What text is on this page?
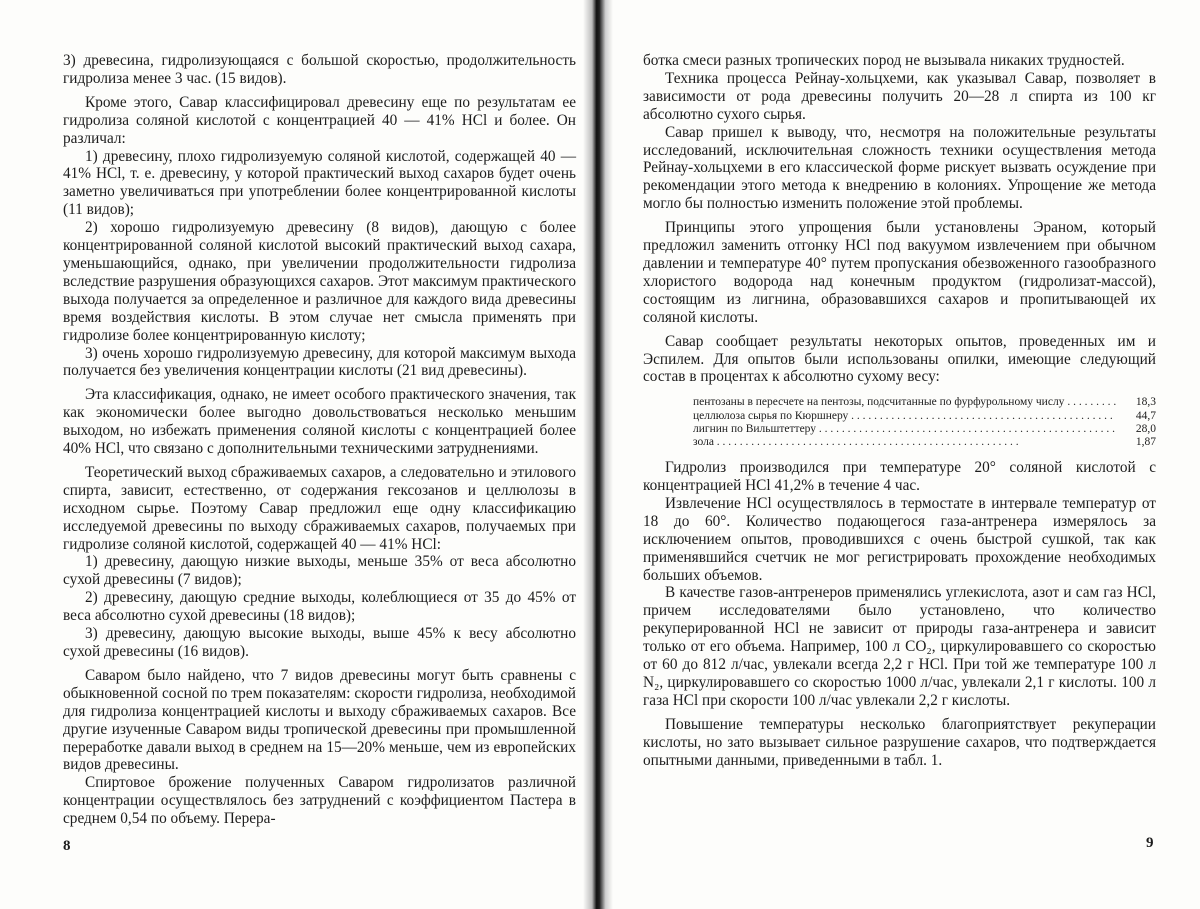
3) древесина, гидролизующаяся с большой скоростью, продолжительность гидролиза менее 3 час. (15 видов).

Кроме этого, Савар классифицировал древесину еще по результатам ее гидролиза соляной кислотой с концентрацией 40 — 41% HCl и более. Он различал:

1) древесину, плохо гидролизуемую соляной кислотой, содержащей 40 — 41% HCl, т. е. древесину, у которой практический выход сахаров будет очень заметно увеличиваться при употреблении более концентрированной кислоты (11 видов);

2) хорошо гидролизуемую древесину (8 видов), дающую с более концентрированной соляной кислотой высокий практический выход сахара, уменьшающийся, однако, при увеличении продолжительности гидролиза вследствие разрушения образующихся сахаров. Этот максимум практического выхода получается за определенное и различное для каждого вида древесины время воздействия кислоты. В этом случае нет смысла применять при гидролизе более концентрированную кислоту;

3) очень хорошо гидролизуемую древесину, для которой максимум выхода получается без увеличения концентрации кислоты (21 вид древесины).

Эта классификация, однако, не имеет особого практического значения, так как экономически более выгодно довольствоваться несколько меньшим выходом, но избежать применения соляной кислоты с концентрацией более 40% HCl, что связано с дополнительными техническими затруднениями.

Теоретический выход сбраживаемых сахаров, а следовательно и этилового спирта, зависит, естественно, от содержания гексозанов и целлюлозы в исходном сырье. Поэтому Савар предложил еще одну классификацию исследуемой древесины по выходу сбраживаемых сахаров, получаемых при гидролизе соляной кислотой, содержащей 40 — 41% HCl:

1) древесину, дающую низкие выходы, меньше 35% от веса абсолютно сухой древесины (7 видов);

2) древесину, дающую средние выходы, колеблющиеся от 35 до 45% от веса абсолютно сухой древесины (18 видов);

3) древесину, дающую высокие выходы, выше 45% к весу абсолютно сухой древесины (16 видов).

Саваром было найдено, что 7 видов древесины могут быть сравнены с обыкновенной сосной по трем показателям: скорости гидролиза, необходимой для гидролиза концентрацией кислоты и выходу сбраживаемых сахаров. Все другие изученные Саваром виды тропической древесины при промышленной переработке давали выход в среднем на 15—20% меньше, чем из европейских видов древесины.

Спиртовое брожение полученных Саваром гидролизатов различной концентрации осуществлялось без затруднений с коэффициентом Пастера в среднем 0,54 по объему. Перера-

8

ботка смеси разных тропических пород не вызывала никаких трудностей.

Техника процесса Рейнау-хольцхеми, как указывал Савар, позволяет в зависимости от рода древесины получить 20—28 л спирта из 100 кг абсолютно сухого сырья.

Савар пришел к выводу, что, несмотря на положительные результаты исследований, исключительная сложность техники осуществления метода Рейнау-хольцхеми в его классической форме рискует вызвать осуждение при рекомендации этого метода к внедрению в колониях. Упрощение же метода могло бы полностью изменить положение этой проблемы.

Принципы этого упрощения были установлены Эраном, который предложил заменить отгонку HCl под вакуумом извлечением при обычном давлении и температуре 40° путем пропускания обезвоженного газообразного хлористого водорода над конечным продуктом (гидролизат-массой), состоящим из лигнина, образовавшихся сахаров и пропитывающей их соляной кислоты.

Савар сообщает результаты некоторых опытов, проведенных им и Эспилем. Для опытов были использованы опилки, имеющие следующий состав в процентах к абсолютно сухому весу:

пентозаны в пересчете на пентозы, подсчитанные по фурфурольному числу . . .	18,3
целлюлоза сырья по Кюршнеру . . .	44,7
лигнин по Вильштеттеру . . .	28,0
зола . . .	1,87

Гидролиз производился при температуре 20° соляной кислотой с концентрацией HCl 41,2% в течение 4 час.

Извлечение HCl осуществлялось в термостате в интервале температур от 18 до 60°. Количество подающегося газа-антренера измерялось за исключением опытов, проводившихся с очень быстрой сушкой, так как применявшийся счетчик не мог регистрировать прохождение необходимых больших объемов.

В качестве газов-антренеров применялись углекислота, азот и сам газ HCl, причем исследователями было установлено, что количество рекуперированной HCl не зависит от природы газа-антренера и зависит только от его объема. Например, 100 л CO₂, циркулировавшего со скоростью от 60 до 812 л/час, увлекали всегда 2,2 г HCl. При той же температуре 100 л N₂, циркулировавшего со скоростью 1000 л/час, увлекали 2,1 г кислоты. 100 л газа HCl при скорости 100 л/час увлекали 2,2 г кислоты.

Повышение температуры несколько благоприятствует рекуперации кислоты, но зато вызывает сильное разрушение сахаров, что подтверждается опытными данными, приведенными в табл. 1.

9
